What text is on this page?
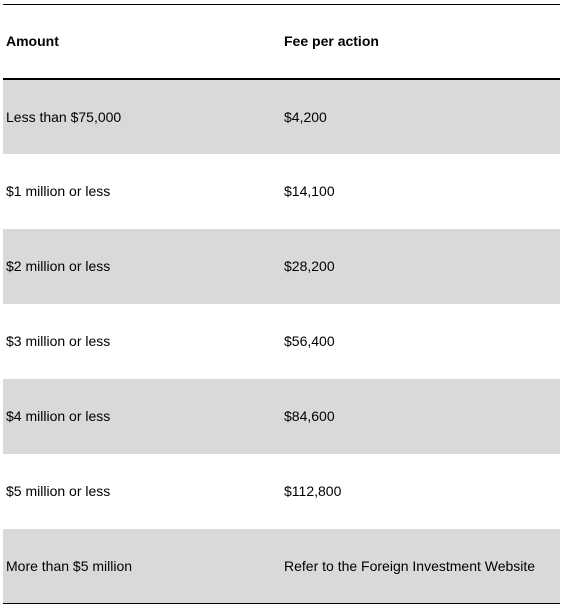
Amount	Fee per action
Less than $75,000	$4,200
$1 million or less	$14,100
$2 million or less	$28,200
$3 million or less	$56,400
$4 million or less	$84,600
$5 million or less	$112,800
More than $5 million	Refer to the Foreign Investment Website
